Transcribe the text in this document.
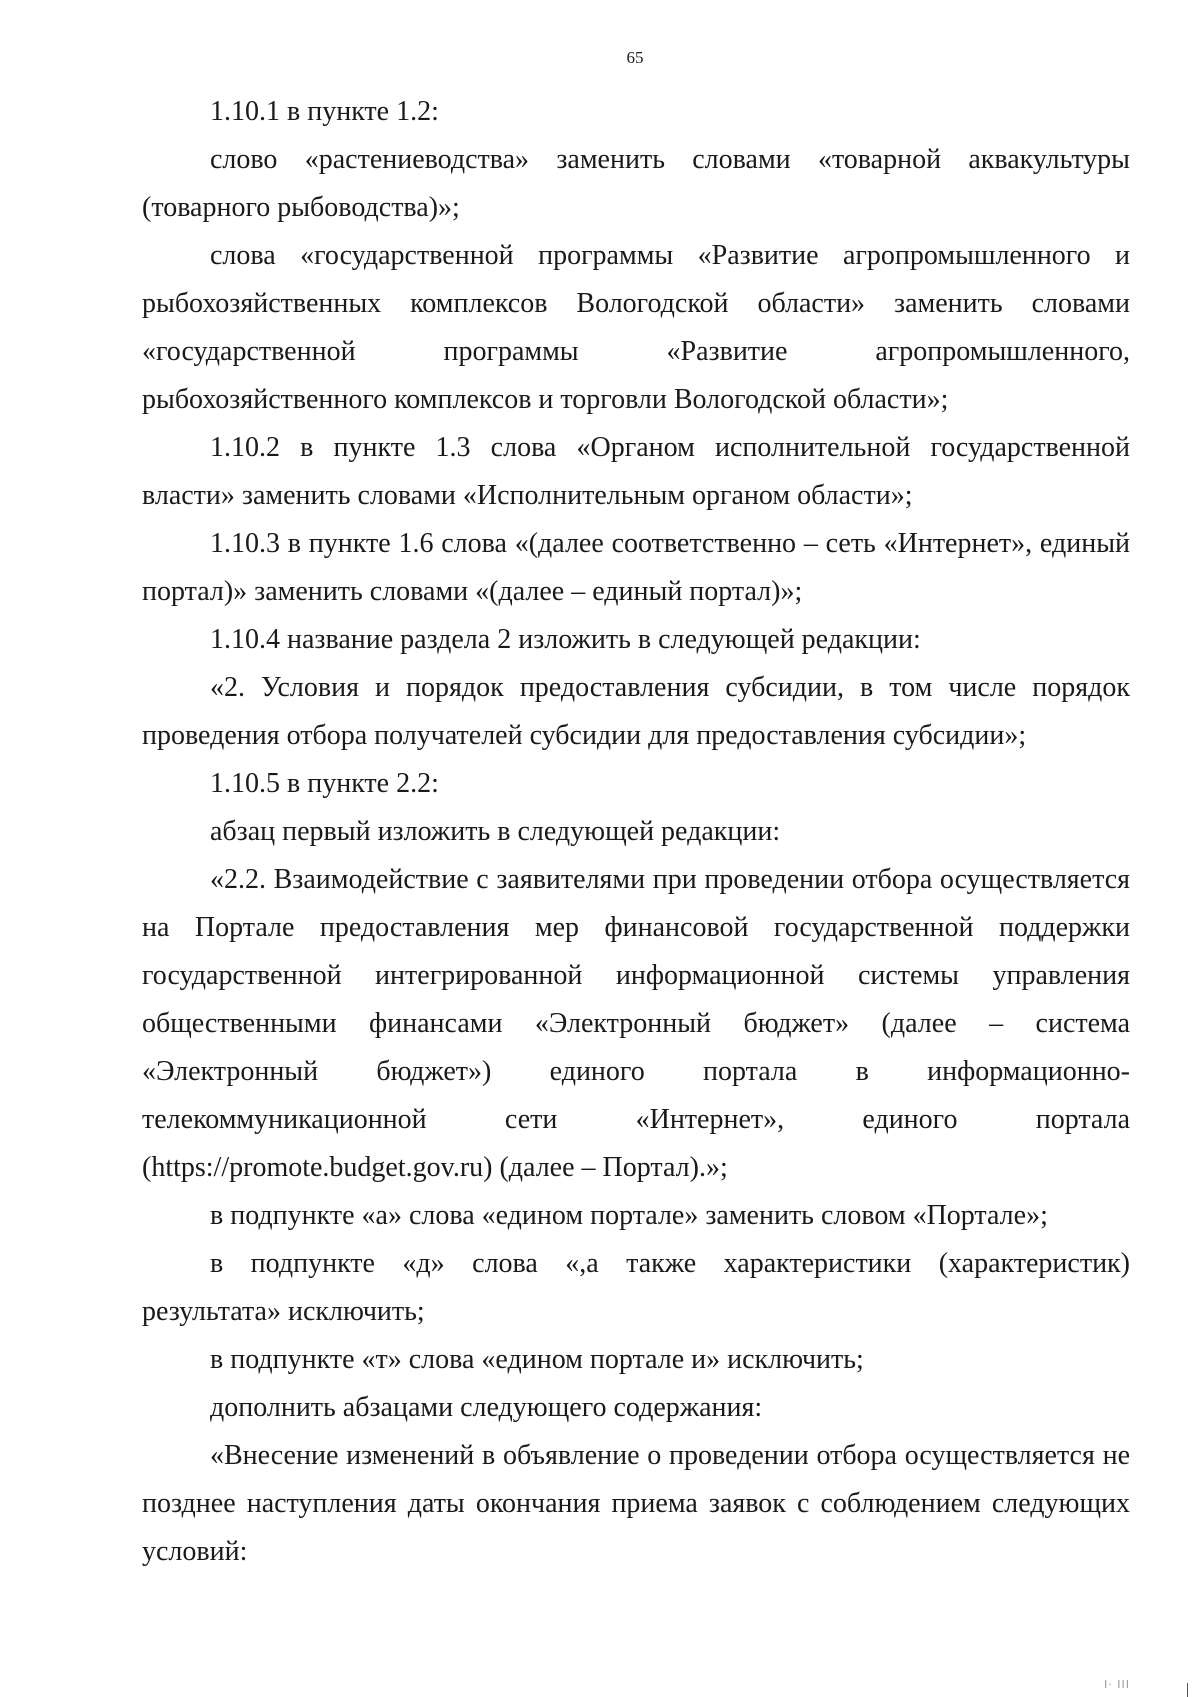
65

1.10.1 в пункте 1.2:

слово «растениеводства» заменить словами «товарной аквакультуры (товарного рыбоводства)»;

слова «государственной программы «Развитие агропромышленного и рыбохозяйственных комплексов Вологодской области» заменить словами «государственной программы «Развитие агропромышленного, рыбохозяйственного комплексов и торговли Вологодской области»;

1.10.2 в пункте 1.3 слова «Органом исполнительной государственной власти» заменить словами «Исполнительным органом области»;

1.10.3 в пункте 1.6 слова «(далее соответственно – сеть «Интернет», единый портал)» заменить словами «(далее – единый портал)»;

1.10.4 название раздела 2 изложить в следующей редакции:

«2. Условия и порядок предоставления субсидии, в том числе порядок проведения отбора получателей субсидии для предоставления субсидии»;

1.10.5 в пункте 2.2:

абзац первый изложить в следующей редакции:

«2.2. Взаимодействие с заявителями при проведении отбора осуществляется на Портале предоставления мер финансовой государственной поддержки государственной интегрированной информационной системы управления общественными финансами «Электронный бюджет» (далее – система «Электронный бюджет») единого портала в информационно-телекоммуникационной сети «Интернет», единого портала (https://promote.budget.gov.ru) (далее – Портал).»;

в подпункте «а» слова «едином портале» заменить словом «Портале»;

в подпункте «д» слова «,а также характеристики (характеристик) результата» исключить;

в подпункте «т» слова «едином портале и» исключить;

дополнить абзацами следующего содержания:

«Внесение изменений в объявление о проведении отбора осуществляется не позднее наступления даты окончания приема заявок с соблюдением следующих условий:

I· III
